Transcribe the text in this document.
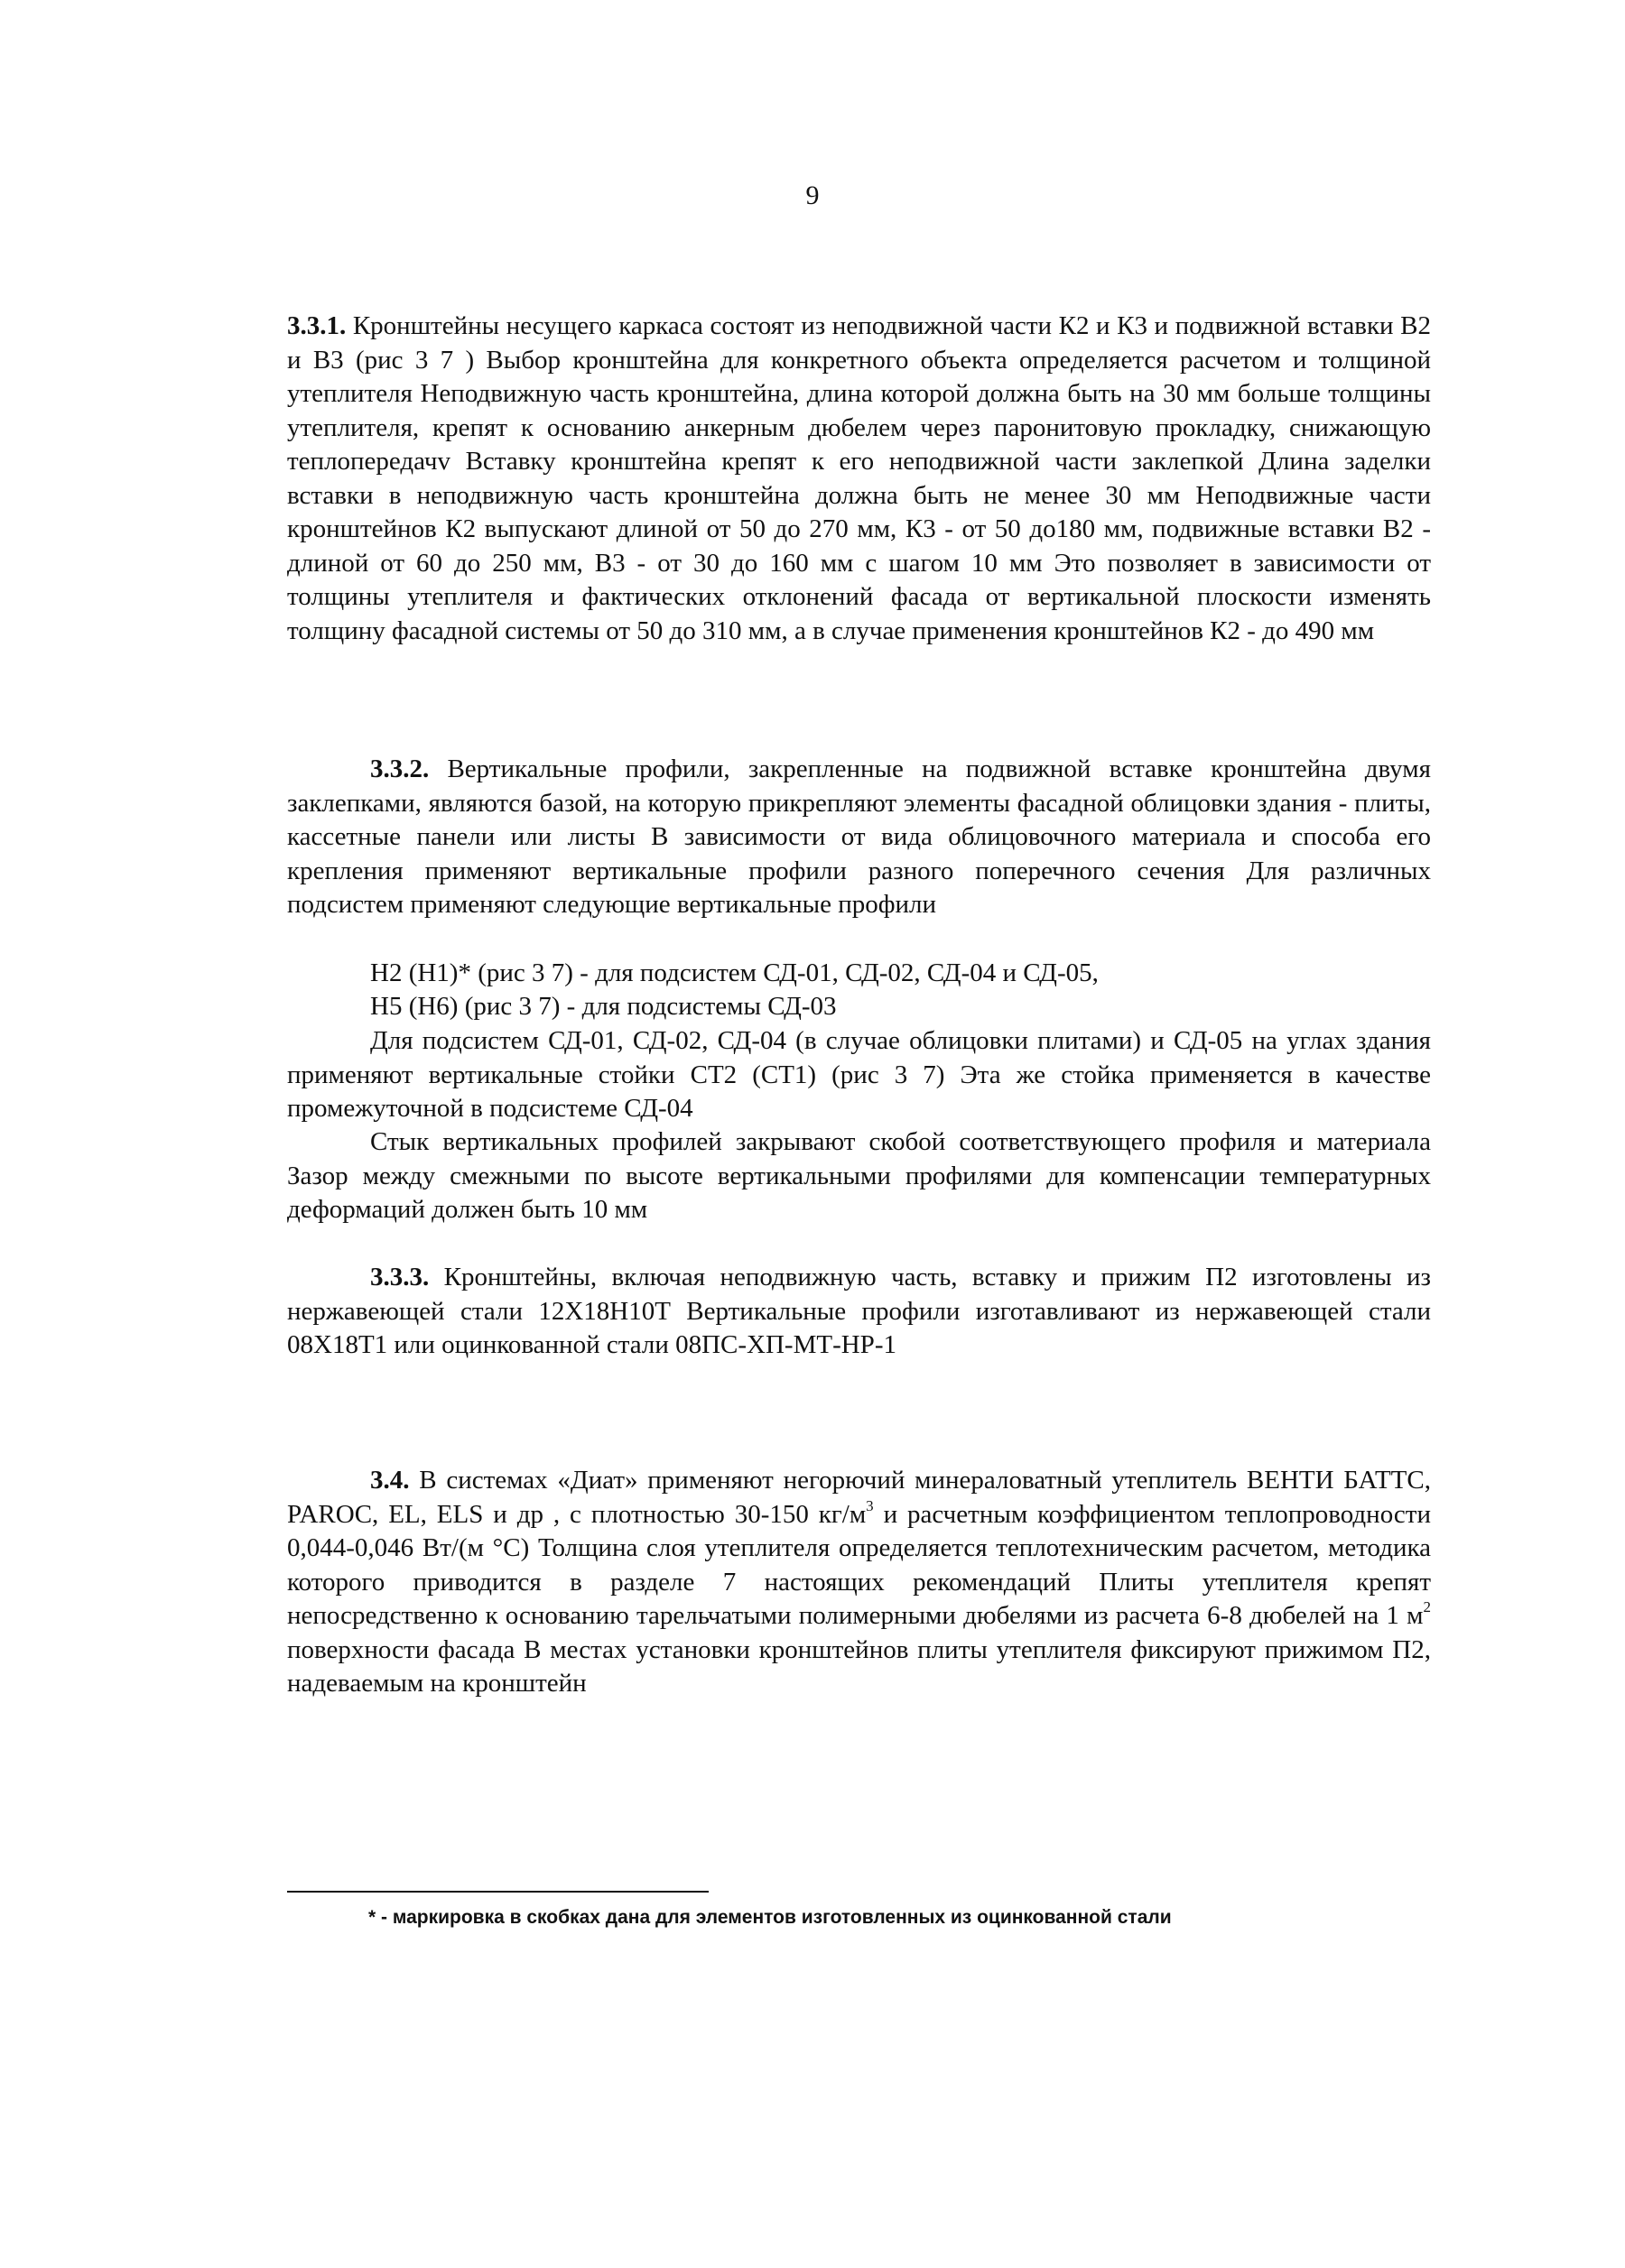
9

3.3.1. Кронштейны несущего каркаса состоят из неподвижной части К2 и К3 и подвижной вставки В2 и В3 (рис 3 7 ) Выбор кронштейна для конкретного объекта определяется расчетом и толщиной утеплителя Неподвижную часть кронштейна, длина которой должна быть на 30 мм больше толщины утеплителя, крепят к основанию анкерным дюбелем через паронитовую прокладку, снижающую теплопередачv Вставку кронштейна крепят к его неподвижной части заклепкой Длина заделки вставки в неподвижную часть кронштейна должна быть не менее 30 мм Неподвижные части кронштейнов К2 выпускают длиной от 50 до 270 мм, К3 - от 50 до180 мм, подвижные вставки В2 - длиной от 60 до 250 мм, В3 - от 30 до 160 мм с шагом 10 мм Это позволяет в зависимости от толщины утеплителя и фактических отклонений фасада от вертикальной плоскости изменять толщину фасадной системы от 50 до 310 мм, а в случае применения кронштейнов К2 - до 490 мм

3.3.2. Вертикальные профили, закрепленные на подвижной вставке кронштейна двумя заклепками, являются базой, на которую прикрепляют элементы фасадной облицовки здания - плиты, кассетные панели или листы В зависимости от вида облицовочного материала и способа его крепления применяют вертикальные профили разного поперечного сечения Для различных подсистем применяют следующие вертикальные профили

Н2 (Н1)* (рис 3 7) - для подсистем СД-01, СД-02, СД-04 и СД-05,

Н5 (Н6) (рис 3 7) - для подсистемы СД-03

Для подсистем СД-01, СД-02, СД-04 (в случае облицовки плитами) и СД-05 на углах здания применяют вертикальные стойки СТ2 (СТ1) (рис 3 7) Эта же стойка применяется в качестве промежуточной в подсистеме СД-04

Стык вертикальных профилей закрывают скобой соответствующего профиля и материала Зазор между смежными по высоте вертикальными профилями для компенсации температурных деформаций должен быть 10 мм

3.3.3. Кронштейны, включая неподвижную часть, вставку и прижим П2 изготовлены из нержавеющей стали 12Х18Н10Т Вертикальные профили изготавливают из нержавеющей стали 08Х18Т1 или оцинкованной стали 08ПС-ХП-МТ-НР-1

3.4. В системах «Диат» применяют негорючий минераловатный утеплитель ВЕНТИ БАТТС, PAROC, EL, ELS и др , с плотностью 30-150 $кг/м^3$ и расчетным коэффициентом теплопроводности 0,044-0,046 Вт/(м °С) Толщина слоя утеплителя определяется теплотехническим расчетом, методика которого приводится в разделе 7 настоящих рекомендаций Плиты утеплителя крепят непосредственно к основанию тарельчатыми полимерными дюбелями из расчета 6-8 дюбелей на 1 $м^2$ поверхности фасада В местах установки кронштейнов плиты утеплителя фиксируют прижимом П2, надеваемым на кронштейн

* - маркировка в скобках дана для элементов изготовленных из оцинкованной стали
